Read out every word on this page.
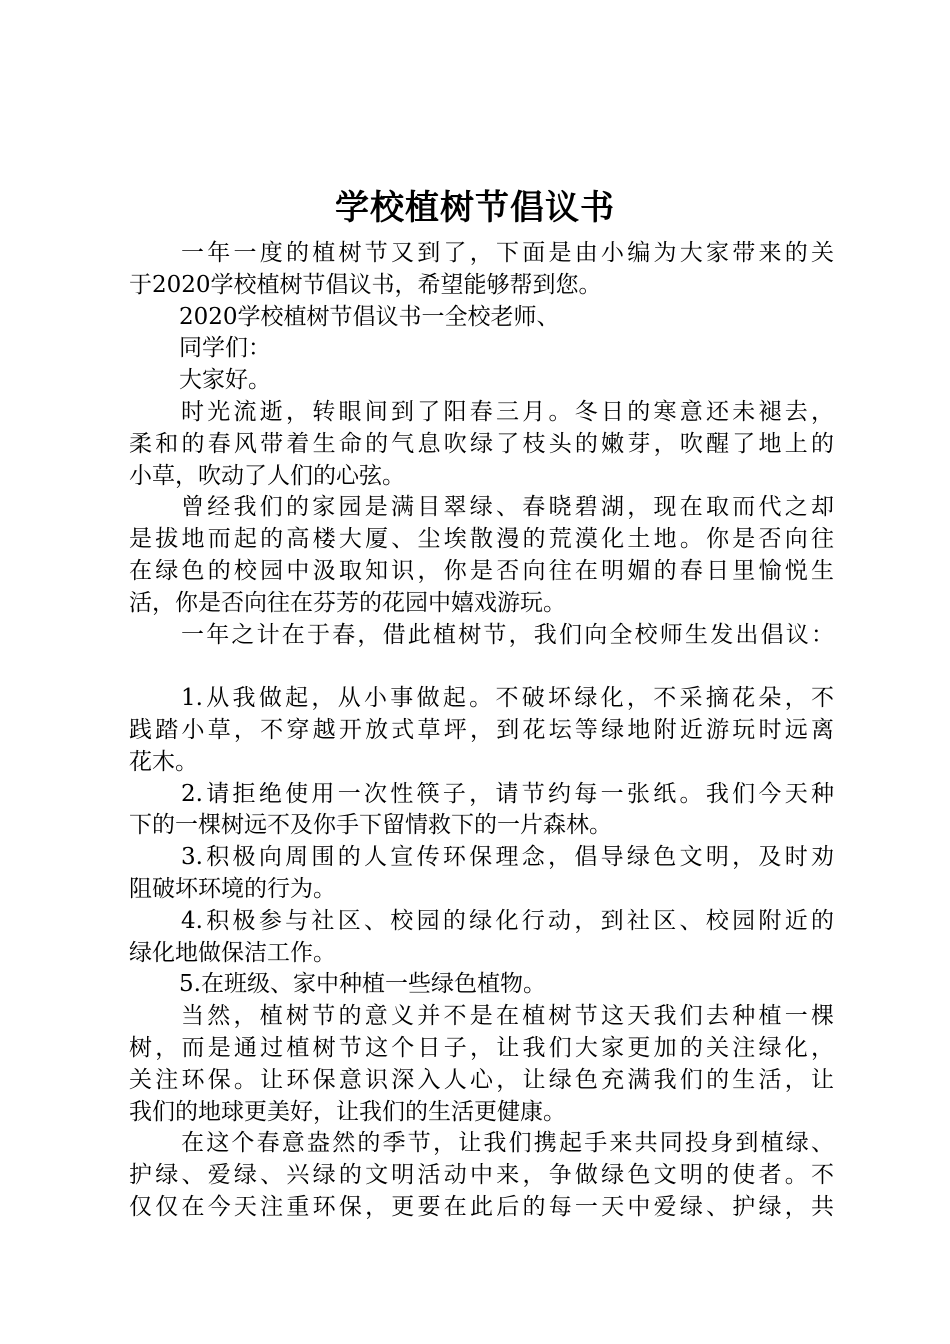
学校植树节倡议书
一年一度的植树节又到了，下面是由小编为大家带来的关
于2020学校植树节倡议书，希望能够帮到您。
2020学校植树节倡议书一全校老师、
同学们：
大家好。
时光流逝，转眼间到了阳春三月。冬日的寒意还未褪去，
柔和的春风带着生命的气息吹绿了枝头的嫩芽，吹醒了地上的
小草，吹动了人们的心弦。
曾经我们的家园是满目翠绿、春晓碧湖，现在取而代之却
是拔地而起的高楼大厦、尘埃散漫的荒漠化土地。你是否向往
在绿色的校园中汲取知识，你是否向往在明媚的春日里愉悦生
活，你是否向往在芬芳的花园中嬉戏游玩。
一年之计在于春，借此植树节，我们向全校师生发出倡议：
1.从我做起，从小事做起。不破坏绿化，不采摘花朵，不
践踏小草，不穿越开放式草坪，到花坛等绿地附近游玩时远离
花木。
2.请拒绝使用一次性筷子，请节约每一张纸。我们今天种
下的一棵树远不及你手下留情救下的一片森林。
3.积极向周围的人宣传环保理念，倡导绿色文明，及时劝
阻破坏环境的行为。
4.积极参与社区、校园的绿化行动，到社区、校园附近的
绿化地做保洁工作。
5.在班级、家中种植一些绿色植物。
当然，植树节的意义并不是在植树节这天我们去种植一棵
树，而是通过植树节这个日子，让我们大家更加的关注绿化，
关注环保。让环保意识深入人心，让绿色充满我们的生活，让
我们的地球更美好，让我们的生活更健康。
在这个春意盎然的季节，让我们携起手来共同投身到植绿、
护绿、爱绿、兴绿的文明活动中来，争做绿色文明的使者。不
仅仅在今天注重环保，更要在此后的每一天中爱绿、护绿，共
